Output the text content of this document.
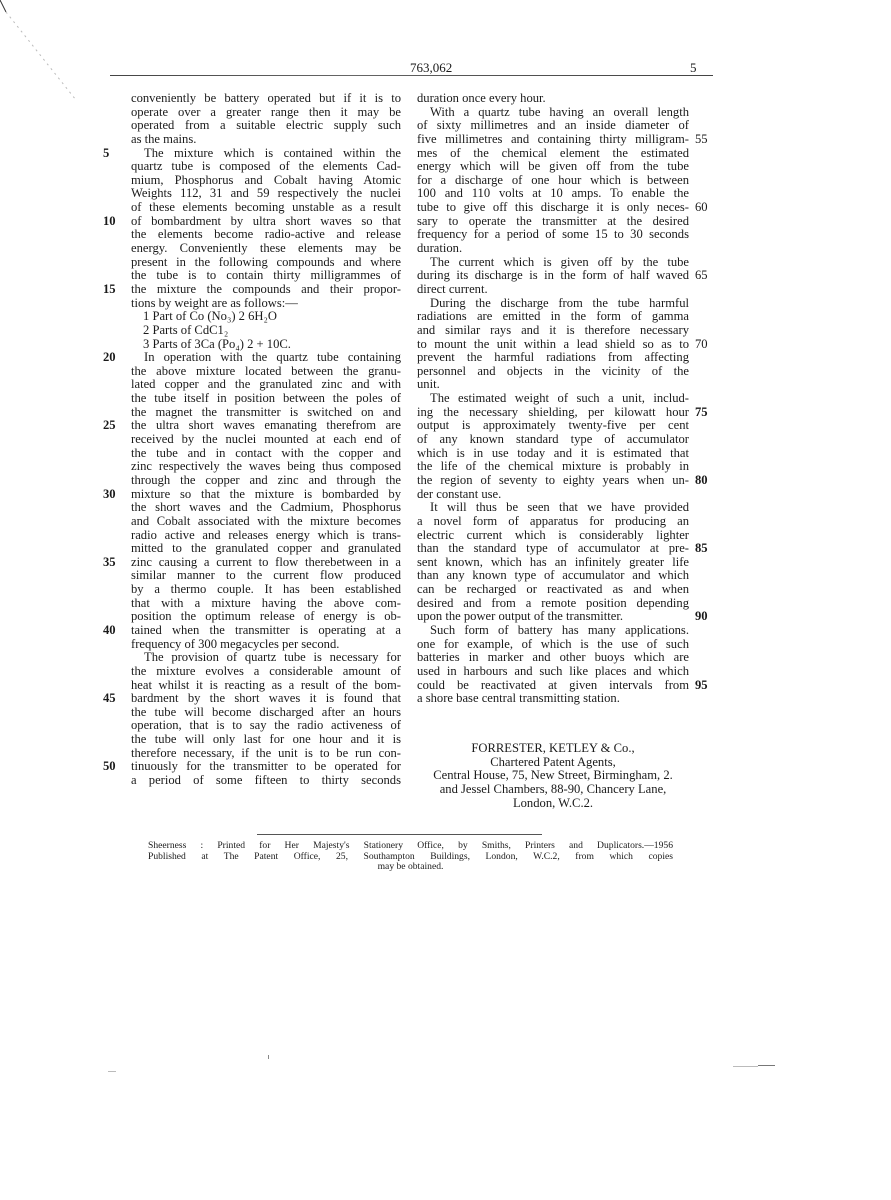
763,062	5
conveniently be battery operated but if it is to
operate over a greater range then it may be
operated from a suitable electric supply such
as the mains.
The mixture which is contained within the
5
quartz tube is composed of the elements Cad-
mium, Phosphorus and Cobalt having Atomic
Weights 112, 31 and 59 respectively the nuclei
of these elements becoming unstable as a result
of bombardment by ultra short waves so that
10
the elements become radio-active and release
energy. Conveniently these elements may be
present in the following compounds and where
the tube is to contain thirty milligrammes of
the mixture the compounds and their propor-
15
tions by weight are as follows:—
1 Part of Co (No₃) 2 6H₂O
2 Parts of CdC1₂
3 Parts of 3Ca (Po₄) 2 + 10C.
In operation with the quartz tube containing
20
the above mixture located between the granu-
lated copper and the granulated zinc and with
the tube itself in position between the poles of
the magnet the transmitter is switched on and
the ultra short waves emanating therefrom are
25
received by the nuclei mounted at each end of
the tube and in contact with the copper and
zinc respectively the waves being thus composed
through the copper and zinc and through the
mixture so that the mixture is bombarded by
30
the short waves and the Cadmium, Phosphorus
and Cobalt associated with the mixture becomes
radio active and releases energy which is trans-
mitted to the granulated copper and granulated
zinc causing a current to flow therebetween in a
35
similar manner to the current flow produced
by a thermo couple. It has been established
that with a mixture having the above com-
position the optimum release of energy is ob-
tained when the transmitter is operating at a
40
frequency of 300 megacycles per second.
The provision of quartz tube is necessary for
the mixture evolves a considerable amount of
heat whilst it is reacting as a result of the bom-
bardment by the short waves it is found that
45
the tube will become discharged after an hours
operation, that is to say the radio activeness of
the tube will only last for one hour and it is
therefore necessary, if the unit is to be run con-
tinuously for the transmitter to be operated for
50
a period of some fifteen to thirty seconds
duration once every hour.
With a quartz tube having an overall length
of sixty millimetres and an inside diameter of
five millimetres and containing thirty milligram- 55
mes of the chemical element the estimated
energy which will be given off from the tube
for a discharge of one hour which is between
100 and 110 volts at 10 amps. To enable the
tube to give off this discharge it is only neces- 60
sary to operate the transmitter at the desired
frequency for a period of some 15 to 30 seconds
duration.
The current which is given off by the tube
during its discharge is in the form of half waved 65
direct current.
During the discharge from the tube harmful
radiations are emitted in the form of gamma
and similar rays and it is therefore necessary
to mount the unit within a lead shield so as to 70
prevent the harmful radiations from affecting
personnel and objects in the vicinity of the
unit.
The estimated weight of such a unit, includ-
ing the necessary shielding, per kilowatt hour 75
output is approximately twenty-five per cent
of any known standard type of accumulator
which is in use today and it is estimated that
the life of the chemical mixture is probably in
the region of seventy to eighty years when un- 80
der constant use.
It will thus be seen that we have provided
a novel form of apparatus for producing an
electric current which is considerably lighter
than the standard type of accumulator at pre- 85
sent known, which has an infinitely greater life
than any known type of accumulator and which
can be recharged or reactivated as and when
desired and from a remote position depending
upon the power output of the transmitter.	90
Such form of battery has many applications.
one for example, of which is the use of such
batteries in marker and other buoys which are
used in harbours and such like places and which
could be reactivated at given intervals from 95
a shore base central transmitting station.
FORRESTER, KETLEY & Co.,
Chartered Patent Agents,
Central House, 75, New Street, Birmingham, 2.
and Jessel Chambers, 88-90, Chancery Lane,
London, W.C.2.
Sheerness : Printed for Her Majesty's Stationery Office, by Smiths, Printers and Duplicators.—1956
Published at The Patent Office, 25, Southampton Buildings, London, W.C.2, from which copies
may be obtained.
